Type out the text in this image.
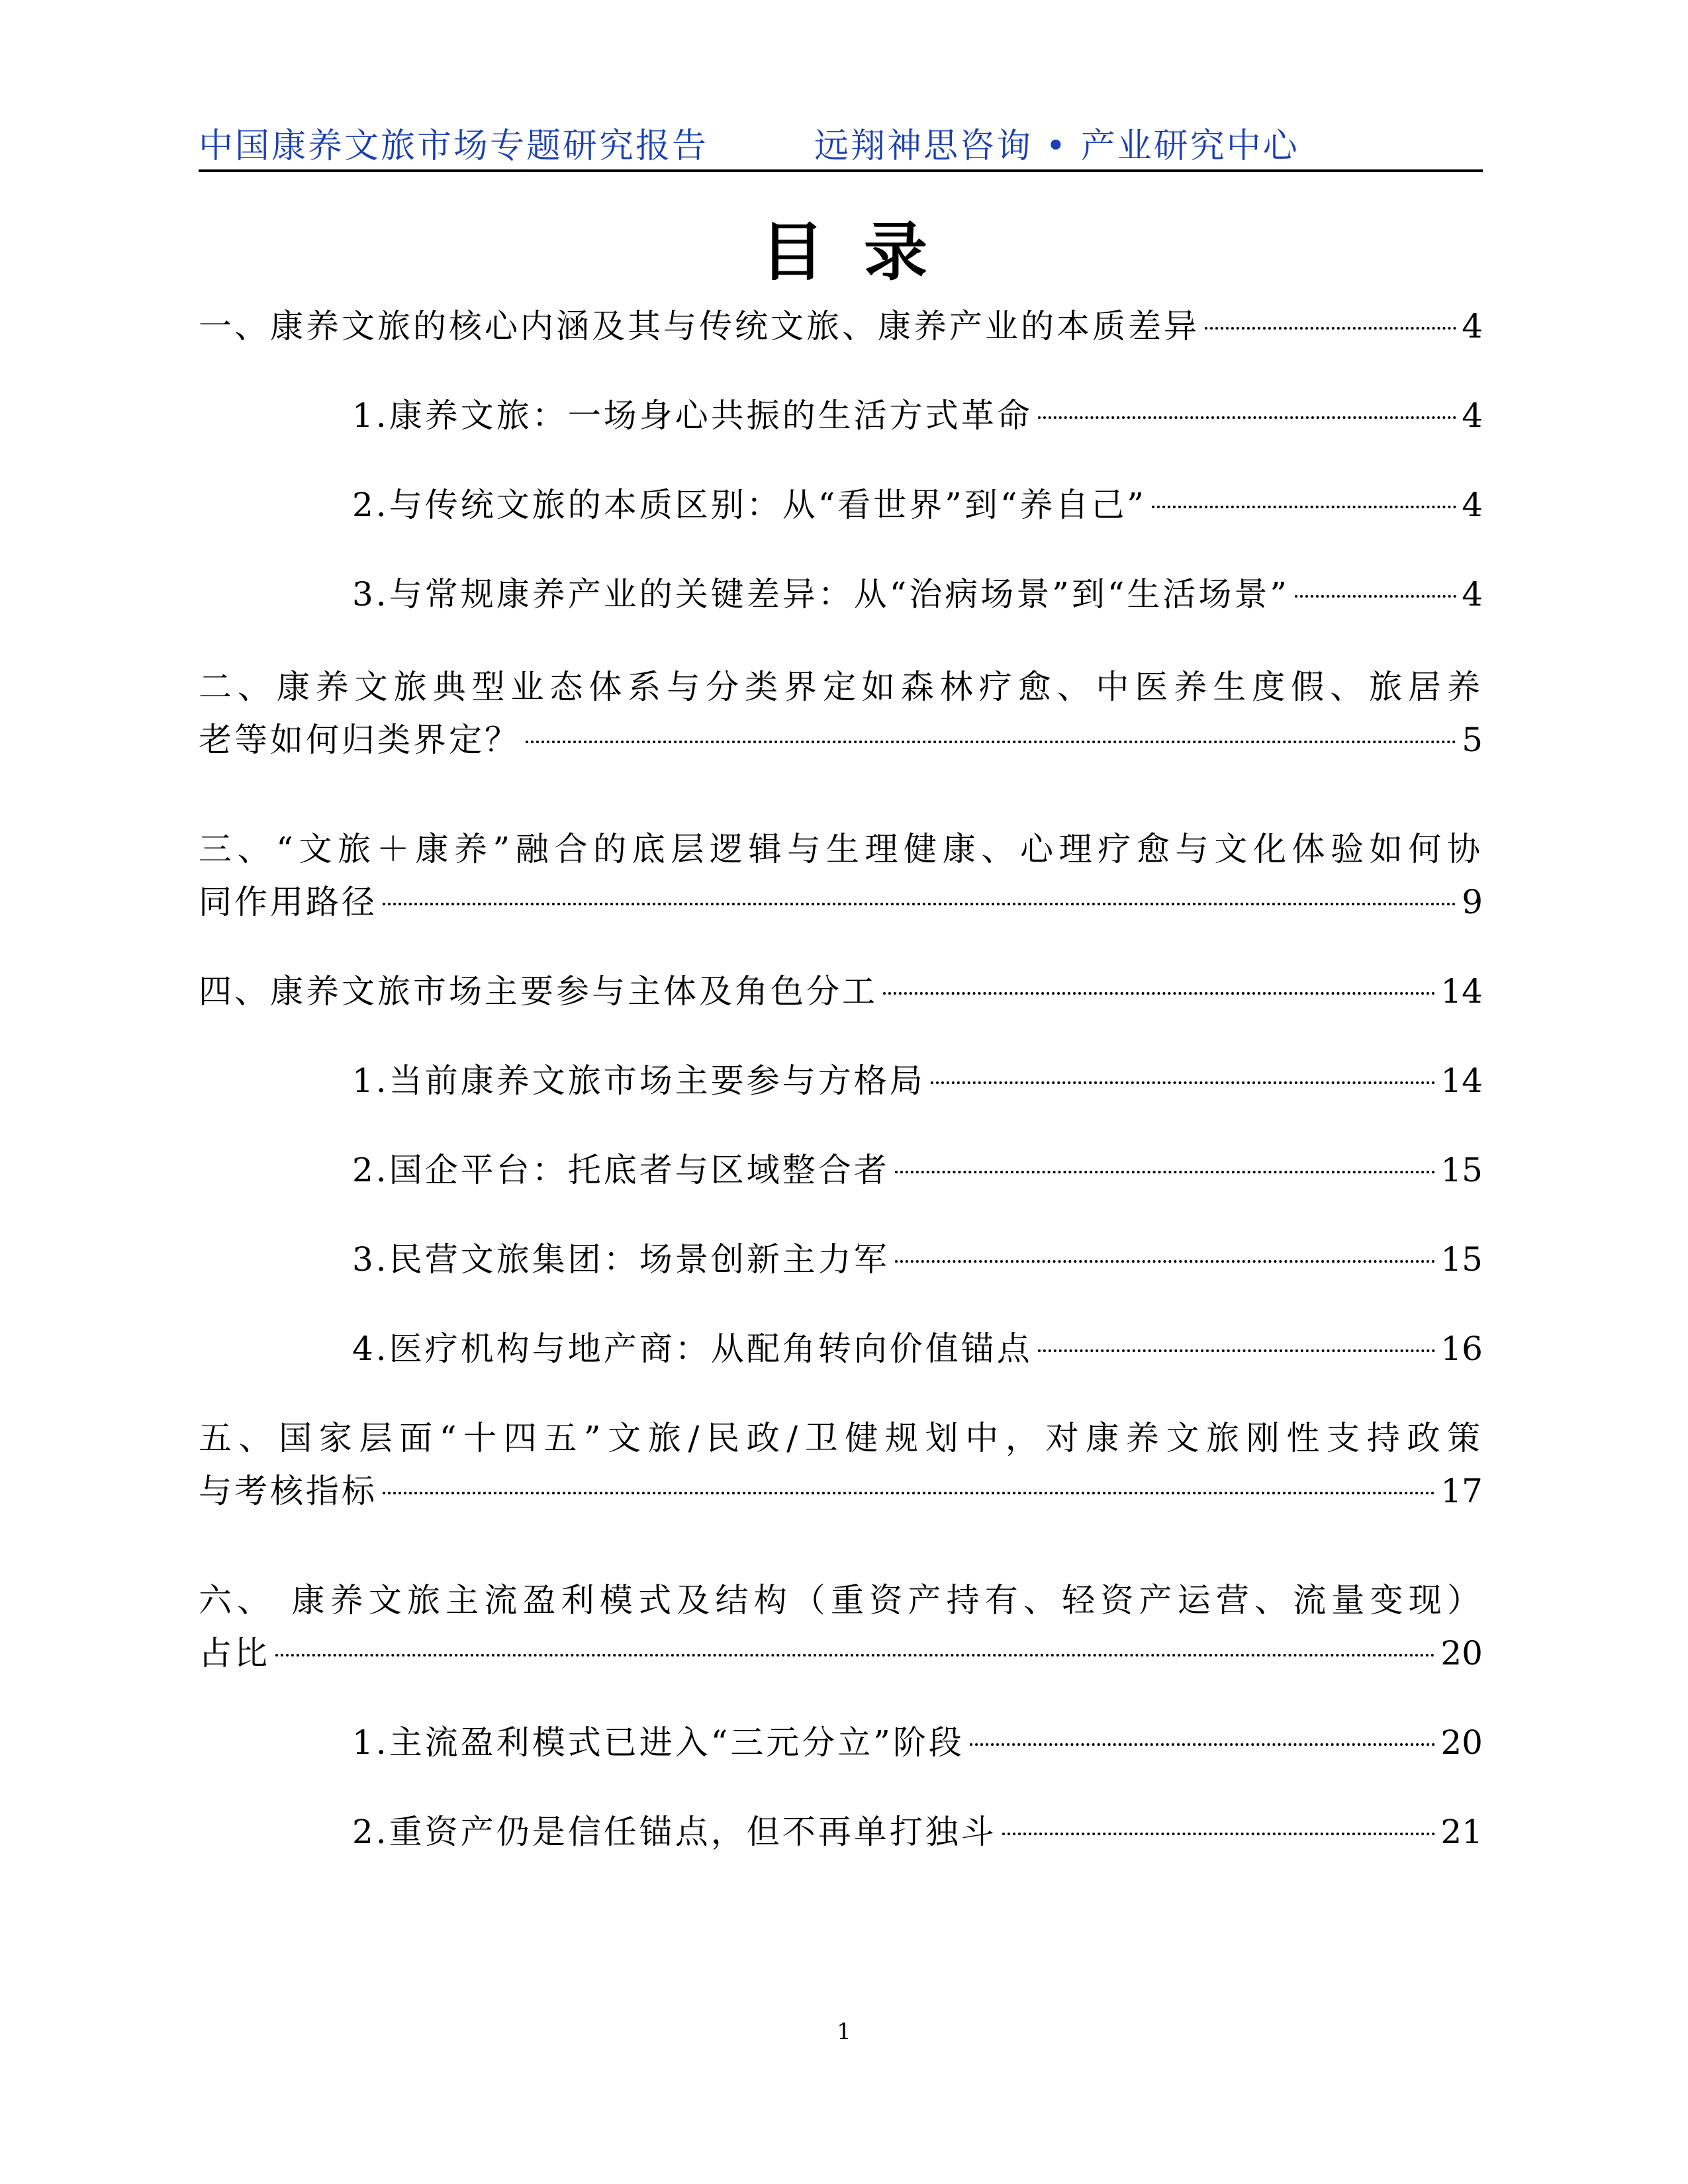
中国康养文旅市场专题研究报告	远翔神思咨询 • 产业研究中心
目录
一、康养文旅的核心内涵及其与传统文旅、康养产业的本质差异	4
1.康养文旅：一场身心共振的生活方式革命	4
2.与传统文旅的本质区别：从“看世界”到“养自己”	4
3.与常规康养产业的关键差异：从“治病场景”到“生活场景”	4
二、康养文旅典型业态体系与分类界定如森林疗愈、中医养生度假、旅居养
老等如何归类界定？	5
三、“文旅＋康养”融合的底层逻辑与生理健康、心理疗愈与文化体验如何协
同作用路径	9
四、康养文旅市场主要参与主体及角色分工	14
1.当前康养文旅市场主要参与方格局	14
2.国企平台：托底者与区域整合者	15
3.民营文旅集团：场景创新主力军	15
4.医疗机构与地产商：从配角转向价值锚点	16
五、国家层面“十四五”文旅/民政/卫健规划中，对康养文旅刚性支持政策
与考核指标	17
六、 康养文旅主流盈利模式及结构（重资产持有、轻资产运营、流量变现）
占比	20
1.主流盈利模式已进入“三元分立”阶段	20
2.重资产仍是信任锚点，但不再单打独斗	21
1
